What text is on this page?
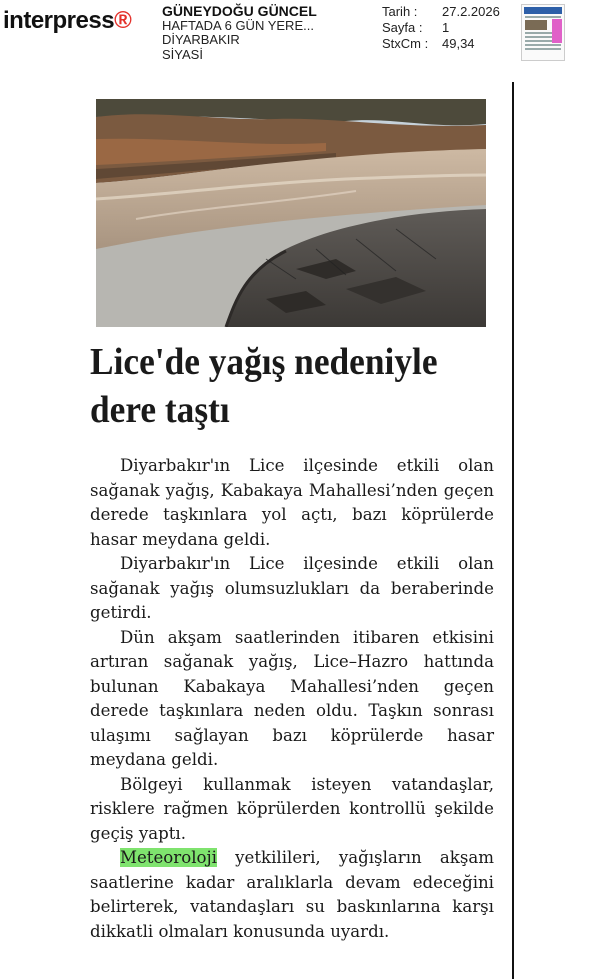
interpress® GÜNEYDOĞU GÜNCEL
HAFTADA 6 GÜN YERE...
DİYARBAKIR
SİYASİ
Tarih :
Sayfa :
StxCm :
27.2.2026
1
49,34
Lice'de yağış nedeniyle dere taştı

Diyarbakır'ın Lice ilçesinde etkili olan sağanak yağış, Kabakaya Mahallesi’nden geçen derede taşkınlara yol açtı, bazı köprülerde hasar meydana geldi.

Diyarbakır'ın Lice ilçesinde etkili olan sağanak yağış olumsuzlukları da beraberinde getirdi.

Dün akşam saatlerinden itibaren etkisini artıran sağanak yağış, Lice–Hazro hattında bulunan Kabakaya Mahallesi’nden geçen derede taşkınlara neden oldu. Taşkın sonrası ulaşımı sağlayan bazı köprülerde hasar meydana geldi.

Bölgeyi kullanmak isteyen vatandaşlar, risklere rağmen köprülerden kontrollü şekilde geçiş yaptı.

Meteoroloji yetkilileri, yağışların akşam saatlerine kadar aralıklarla devam edeceğini belirterek, vatandaşları su baskınlarına karşı dikkatli olmaları konusunda uyardı.
